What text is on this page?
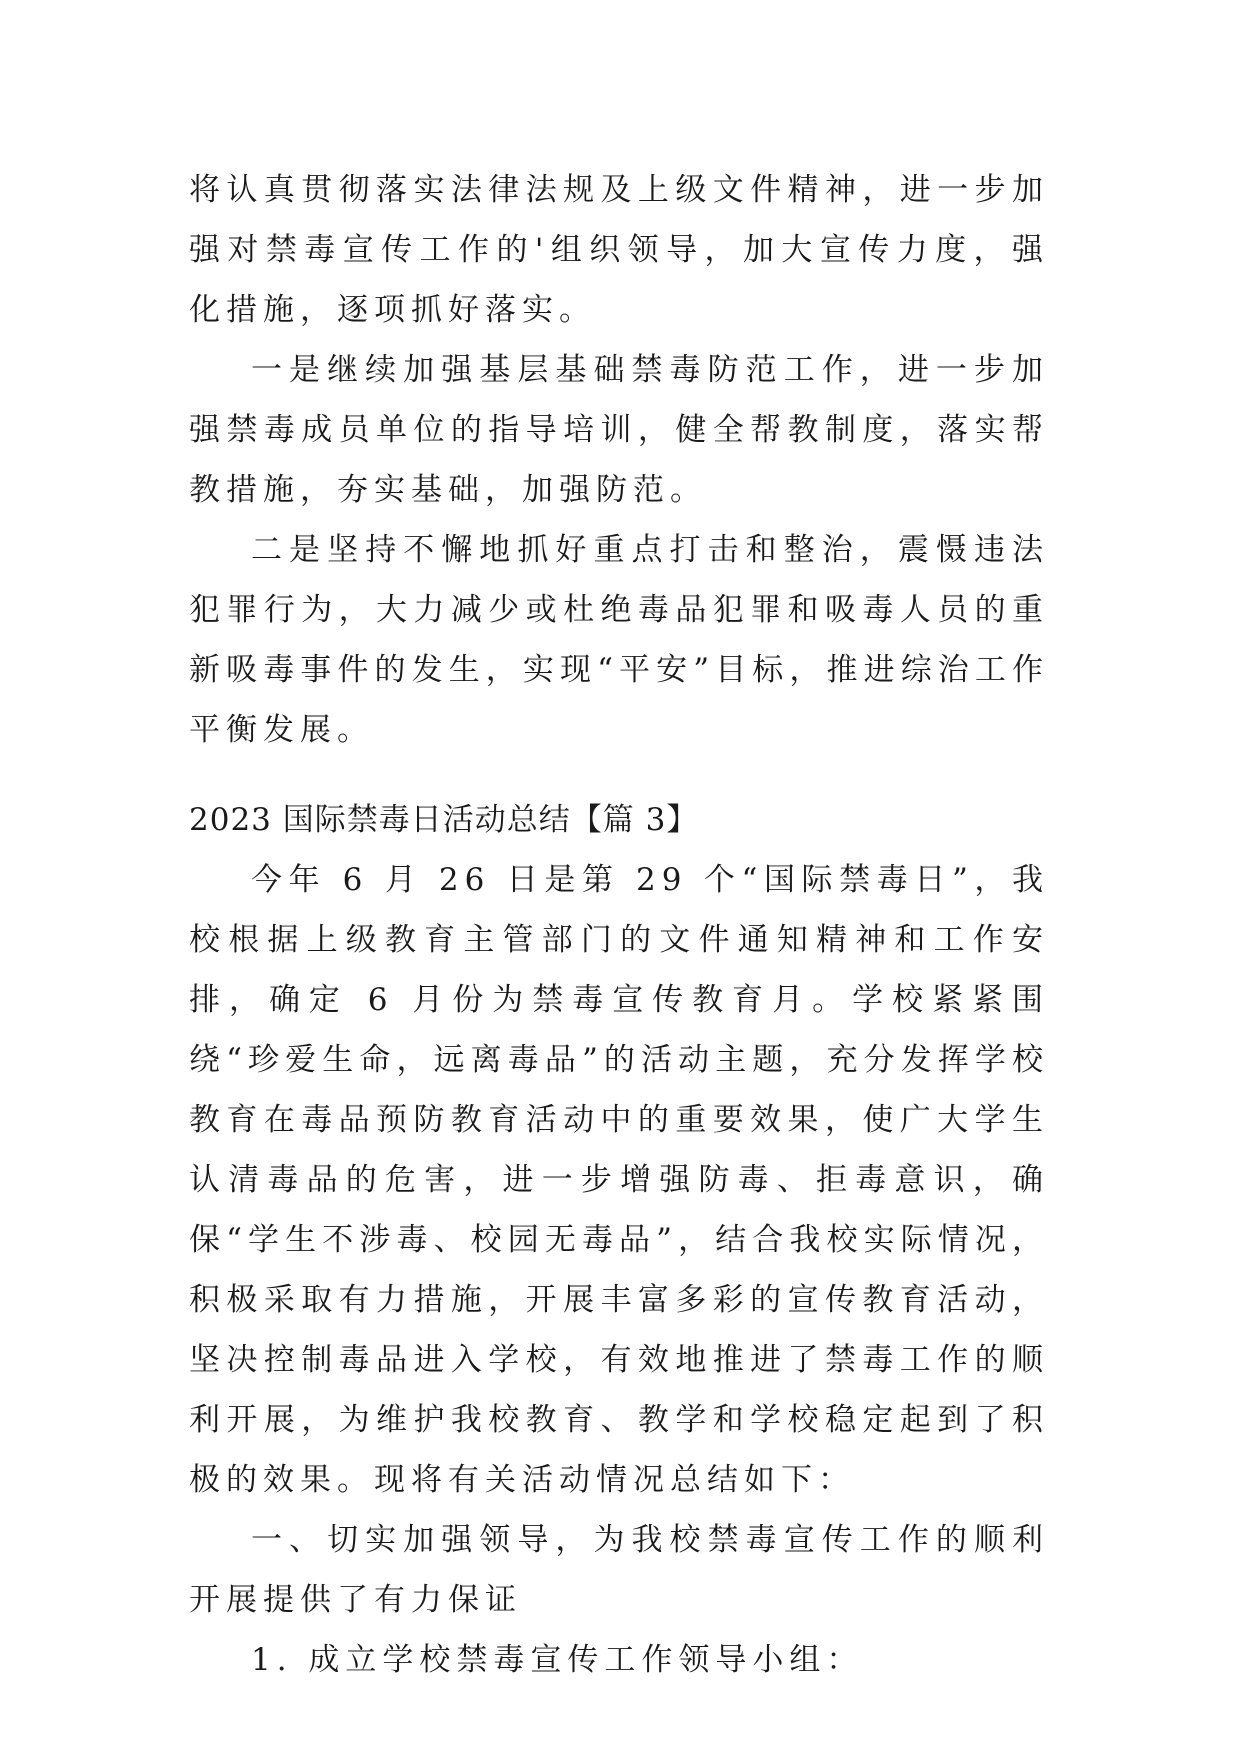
将认真贯彻落实法律法规及上级文件精神，进一步加强对禁毒宣传工作的'组织领导，加大宣传力度，强化措施，逐项抓好落实。

一是继续加强基层基础禁毒防范工作，进一步加强禁毒成员单位的指导培训，健全帮教制度，落实帮教措施，夯实基础，加强防范。

二是坚持不懈地抓好重点打击和整治，震慑违法犯罪行为，大力减少或杜绝毒品犯罪和吸毒人员的重新吸毒事件的发生，实现“平安”目标，推进综治工作平衡发展。

2023 国际禁毒日活动总结【篇 3】

今年 6 月 26 日是第 29 个“国际禁毒日”，我校根据上级教育主管部门的文件通知精神和工作安排，确定 6 月份为禁毒宣传教育月。学校紧紧围绕“珍爱生命，远离毒品”的活动主题，充分发挥学校教育在毒品预防教育活动中的重要效果，使广大学生认清毒品的危害，进一步增强防毒、拒毒意识，确保“学生不涉毒、校园无毒品”，结合我校实际情况，积极采取有力措施，开展丰富多彩的宣传教育活动，坚决控制毒品进入学校，有效地推进了禁毒工作的顺利开展，为维护我校教育、教学和学校稳定起到了积极的效果。现将有关活动情况总结如下：

一、切实加强领导，为我校禁毒宣传工作的顺利开展提供了有力保证

1. 成立学校禁毒宣传工作领导小组：
